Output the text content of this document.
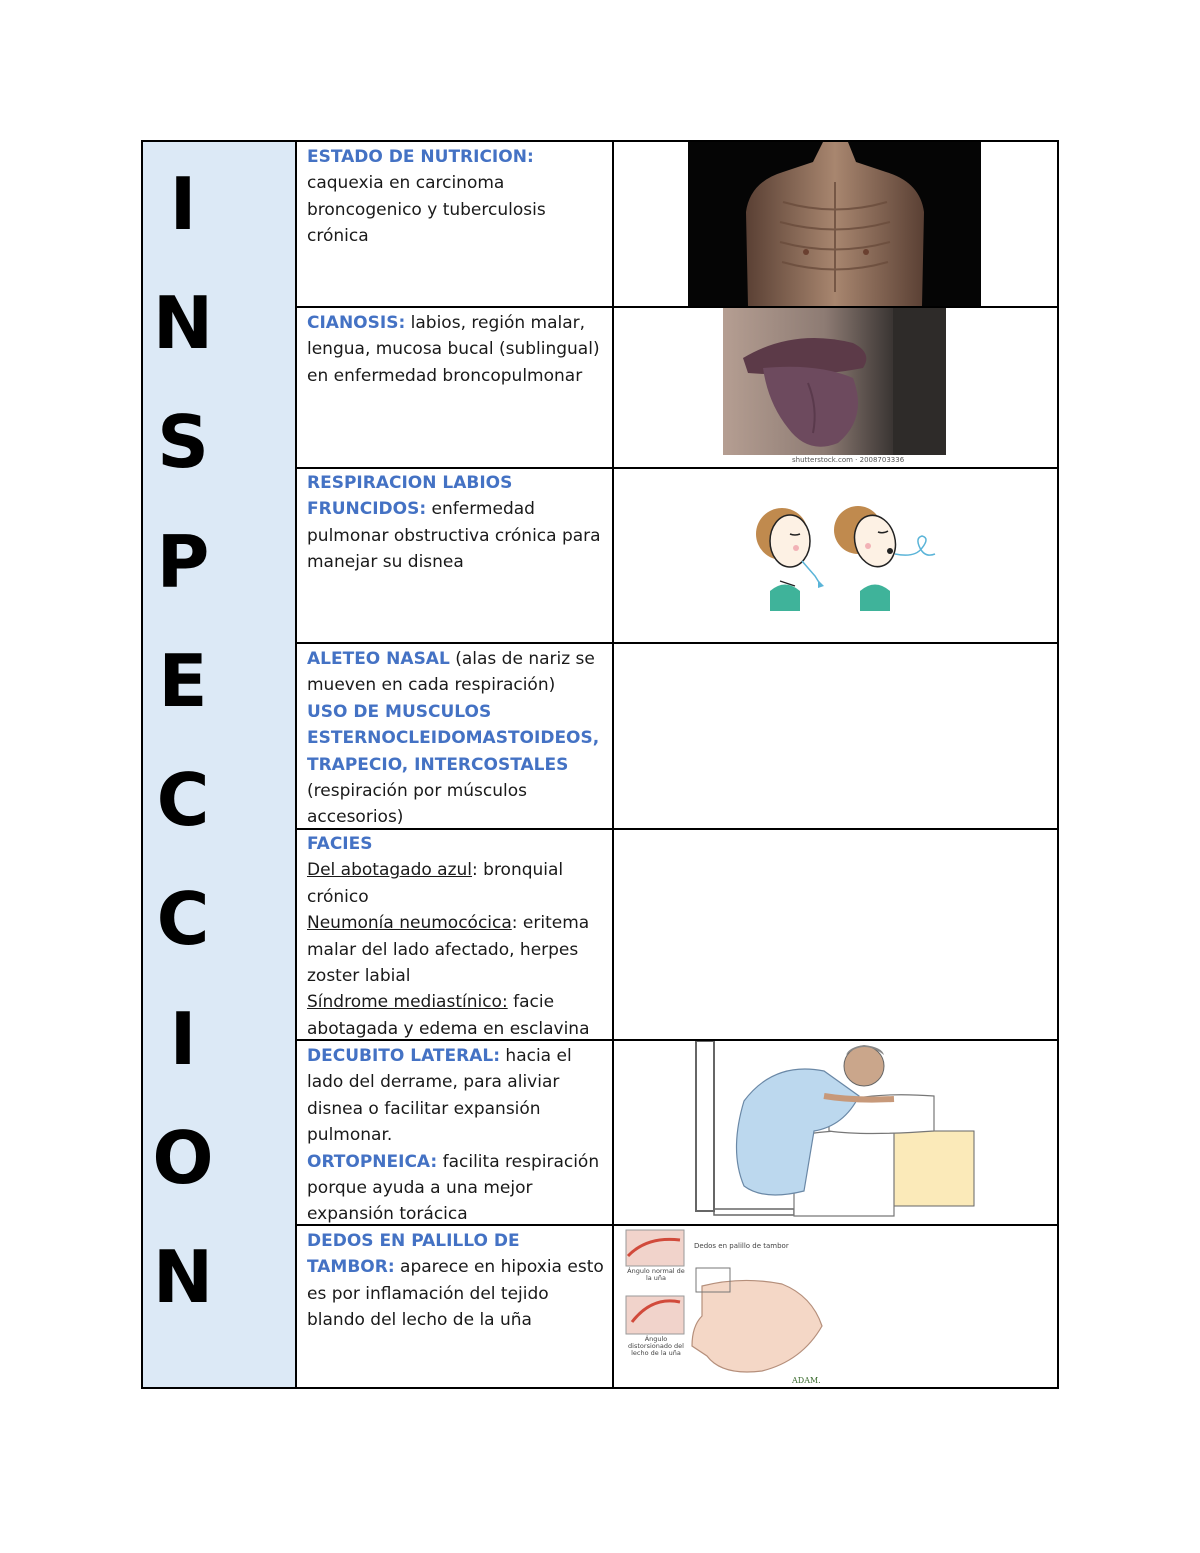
I
N
S
P
E
C
C
I
O
N
ESTADO DE NUTRICION:
caquexia en carcinoma broncogenico y tuberculosis crónica
CIANOSIS: labios, región malar, lengua, mucosa bucal (sublingual) en enfermedad broncopulmonar
RESPIRACION LABIOS FRUNCIDOS: enfermedad pulmonar obstructiva crónica para manejar su disnea
ALETEO NASAL (alas de nariz se mueven en cada respiración)
USO DE MUSCULOS ESTERNOCLEIDOMASTOIDEOS, TRAPECIO, INTERCOSTALES
(respiración por músculos accesorios)
FACIES
Del abotagado azul: bronquial crónico
Neumonía neumocócica: eritema malar del lado afectado, herpes zoster labial
Síndrome mediastínico: facie abotagada y edema en esclavina
DECUBITO LATERAL: hacia el lado del derrame, para aliviar disnea o facilitar expansión pulmonar.
ORTOPNEICA: facilita respiración porque ayuda a una mejor expansión torácica
DEDOS EN PALILLO DE TAMBOR: aparece en hipoxia esto es por inflamación del tejido blando del lecho de la uña
shutterstock.com · 2008703336
Dedos en palillo de tambor
Ángulo normal de la uña
Ángulo distorsionado del lecho de la uña
ADAM.
